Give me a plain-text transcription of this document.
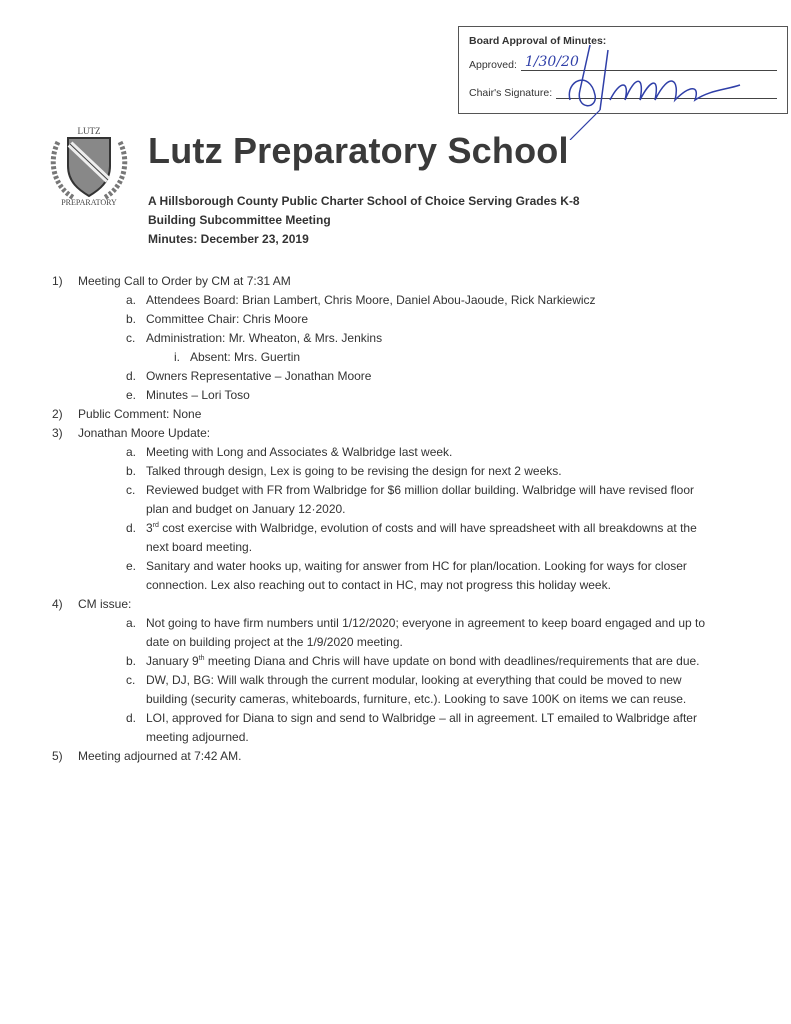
Board Approval of Minutes:
Approved: 1/30/20
Chair's Signature:
LUTZ
PREPARATORY
Lutz Preparatory School
A Hillsborough County Public Charter School of Choice Serving Grades K-8
Building Subcommittee Meeting
Minutes: December 23, 2019
1)	Meeting Call to Order by CM at 7:31 AM
a. Attendees Board: Brian Lambert, Chris Moore, Daniel Abou-Jaoude, Rick Narkiewicz
b. Committee Chair: Chris Moore
c. Administration: Mr. Wheaton, & Mrs. Jenkins
i. Absent: Mrs. Guertin
d. Owners Representative – Jonathan Moore
e. Minutes – Lori Toso
2)	Public Comment: None
3)	Jonathan Moore Update:
a. Meeting with Long and Associates & Walbridge last week.
b. Talked through design, Lex is going to be revising the design for next 2 weeks.
c. Reviewed budget with FR from Walbridge for $6 million dollar building. Walbridge will have revised floor plan and budget on January 12·2020.
d. 3rd cost exercise with Walbridge, evolution of costs and will have spreadsheet with all breakdowns at the next board meeting.
e. Sanitary and water hooks up, waiting for answer from HC for plan/location. Looking for ways for closer connection. Lex also reaching out to contact in HC, may not progress this holiday week.
4)	CM issue:
a. Not going to have firm numbers until 1/12/2020; everyone in agreement to keep board engaged and up to date on building project at the 1/9/2020 meeting.
b. January 9th meeting Diana and Chris will have update on bond with deadlines/requirements that are due.
c. DW, DJ, BG: Will walk through the current modular, looking at everything that could be moved to new building (security cameras, whiteboards, furniture, etc.). Looking to save 100K on items we can reuse.
d. LOI, approved for Diana to sign and send to Walbridge – all in agreement. LT emailed to Walbridge after meeting adjourned.
5)	Meeting adjourned at 7:42 AM.
